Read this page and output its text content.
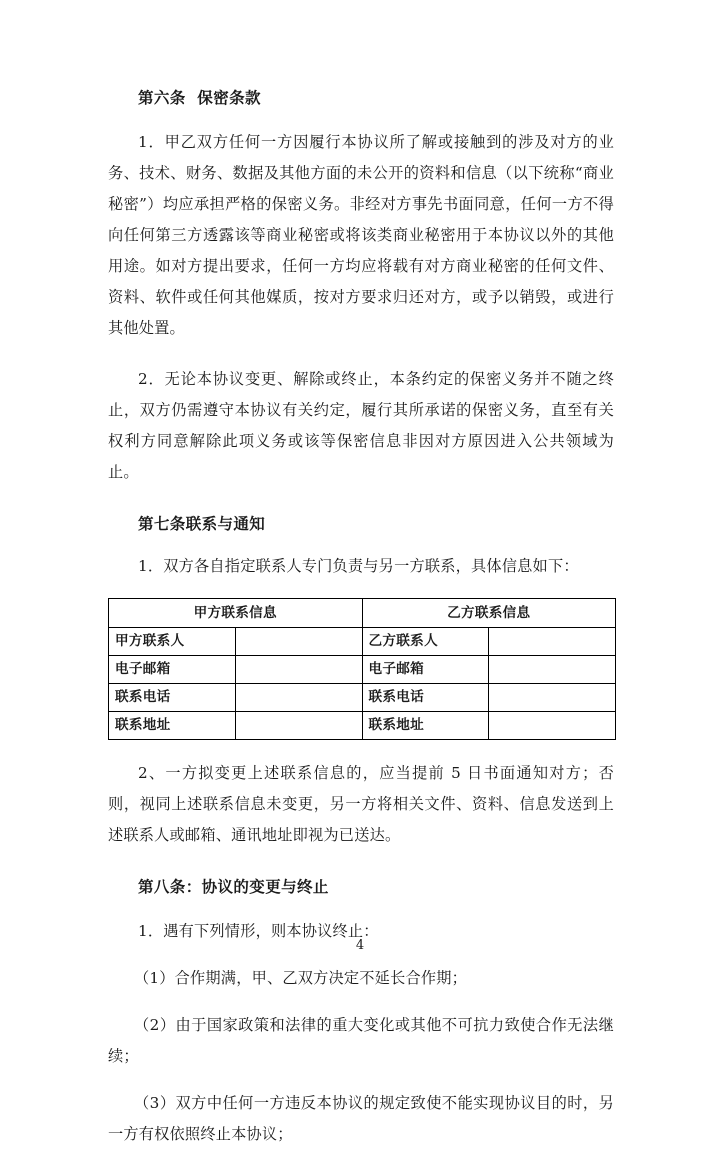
第六条  保密条款

1．甲乙双方任何一方因履行本协议所了解或接触到的涉及对方的业务、技术、财务、数据及其他方面的未公开的资料和信息（以下统称“商业秘密”）均应承担严格的保密义务。非经对方事先书面同意，任何一方不得向任何第三方透露该等商业秘密或将该类商业秘密用于本协议以外的其他用途。如对方提出要求，任何一方均应将载有对方商业秘密的任何文件、资料、软件或任何其他媒质，按对方要求归还对方，或予以销毁，或进行其他处置。

2．无论本协议变更、解除或终止，本条约定的保密义务并不随之终止，双方仍需遵守本协议有关约定，履行其所承诺的保密义务，直至有关权利方同意解除此项义务或该等保密信息非因对方原因进入公共领域为止。

第七条联系与通知

1．双方各自指定联系人专门负责与另一方联系，具体信息如下：

甲方联系信息		乙方联系信息	
甲方联系人		乙方联系人	
电子邮箱		电子邮箱	
联系电话		联系电话	
联系地址		联系地址	

2、一方拟变更上述联系信息的，应当提前 5 日书面通知对方；否则，视同上述联系信息未变更，另一方将相关文件、资料、信息发送到上述联系人或邮箱、通讯地址即视为已送达。

第八条：协议的变更与终止

1．遇有下列情形，则本协议终止：

（1）合作期满，甲、乙双方决定不延长合作期；

（2）由于国家政策和法律的重大变化或其他不可抗力致使合作无法继续；

（3）双方中任何一方违反本协议的规定致使不能实现协议目的时，另一方有权依照终止本协议；

4
